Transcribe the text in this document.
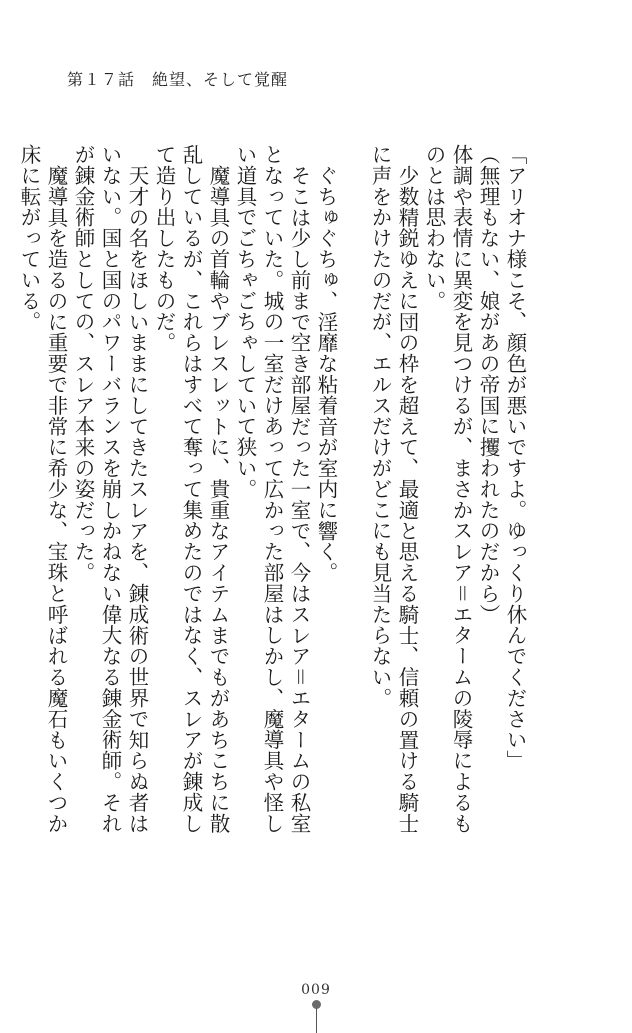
第１７話　絶望、そして覚醒

「アリオナ様こそ、顔色が悪いですよ。ゆっくり休んでください」

（無理もない、娘があの帝国に攫われたのだから）

体調や表情に異変を見つけるが、まさかスレア＝エタームの陵辱によるものとは思わない。

少数精鋭ゆえに団の枠を超えて、最適と思える騎士、信頼の置ける騎士に声をかけたのだが、エルスだけがどこにも見当たらない。

ぐちゅぐちゅ、淫靡な粘着音が室内に響く。

そこは少し前まで空き部屋だった一室で、今はスレア＝エタームの私室となっていた。城の一室だけあって広かった部屋はしかし、魔導具や怪しい道具でごちゃごちゃしていて狭い。

魔導具の首輪やブレスレットに、貴重なアイテムまでもがあちこちに散乱しているが、これらはすべて奪って集めたのではなく、スレアが錬成して造り出したものだ。

天才の名をほしいままにしてきたスレアを、錬成術の世界で知らぬ者はいない。国と国のパワーバランスを崩しかねない偉大なる錬金術師。それが錬金術師としての、スレア本来の姿だった。

魔導具を造るのに重要で非常に希少な、宝珠と呼ばれる魔石もいくつか床に転がっている。

009
